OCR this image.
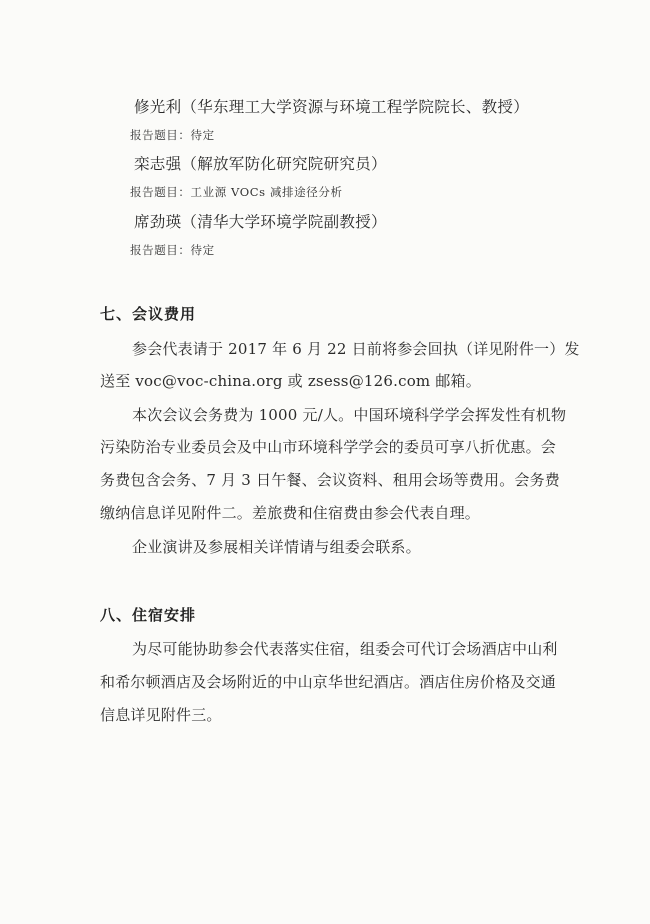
修光利（华东理工大学资源与环境工程学院院长、教授）
报告题目：待定
栾志强（解放军防化研究院研究员）
报告题目：工业源 VOCs 减排途径分析
席劲瑛（清华大学环境学院副教授）
报告题目：待定
七、会议费用
参会代表请于 2017 年 6 月 22 日前将参会回执（详见附件一）发
送至 voc@voc-china.org 或 zsess@126.com 邮箱。
本次会议会务费为 1000 元/人。中国环境科学学会挥发性有机物
污染防治专业委员会及中山市环境科学学会的委员可享八折优惠。会
务费包含会务、7 月 3 日午餐、会议资料、租用会场等费用。会务费
缴纳信息详见附件二。差旅费和住宿费由参会代表自理。
企业演讲及参展相关详情请与组委会联系。
八、住宿安排
为尽可能协助参会代表落实住宿，组委会可代订会场酒店中山利
和希尔顿酒店及会场附近的中山京华世纪酒店。酒店住房价格及交通
信息详见附件三。
